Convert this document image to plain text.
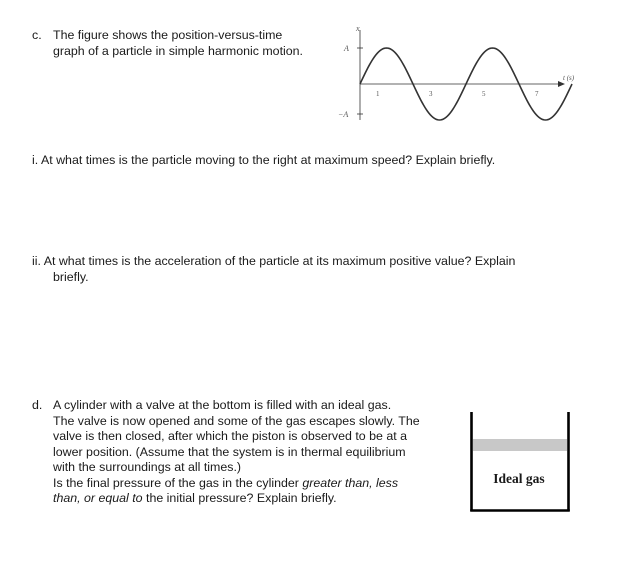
c. The figure shows the position-versus-time
graph of a particle in simple harmonic motion.
x
t (s)
A
−A
1	3	5	7
i. At what times is the particle moving to the right at maximum speed? Explain briefly.
ii. At what times is the acceleration of the particle at its maximum positive value? Explain
briefly.
d. A cylinder with a valve at the bottom is filled with an ideal gas.
The valve is now opened and some of the gas escapes slowly. The
valve is then closed, after which the piston is observed to be at a
lower position. (Assume that the system is in thermal equilibrium
with the surroundings at all times.)
Is the final pressure of the gas in the cylinder greater than, less
than, or equal to the initial pressure? Explain briefly.
Ideal gas
